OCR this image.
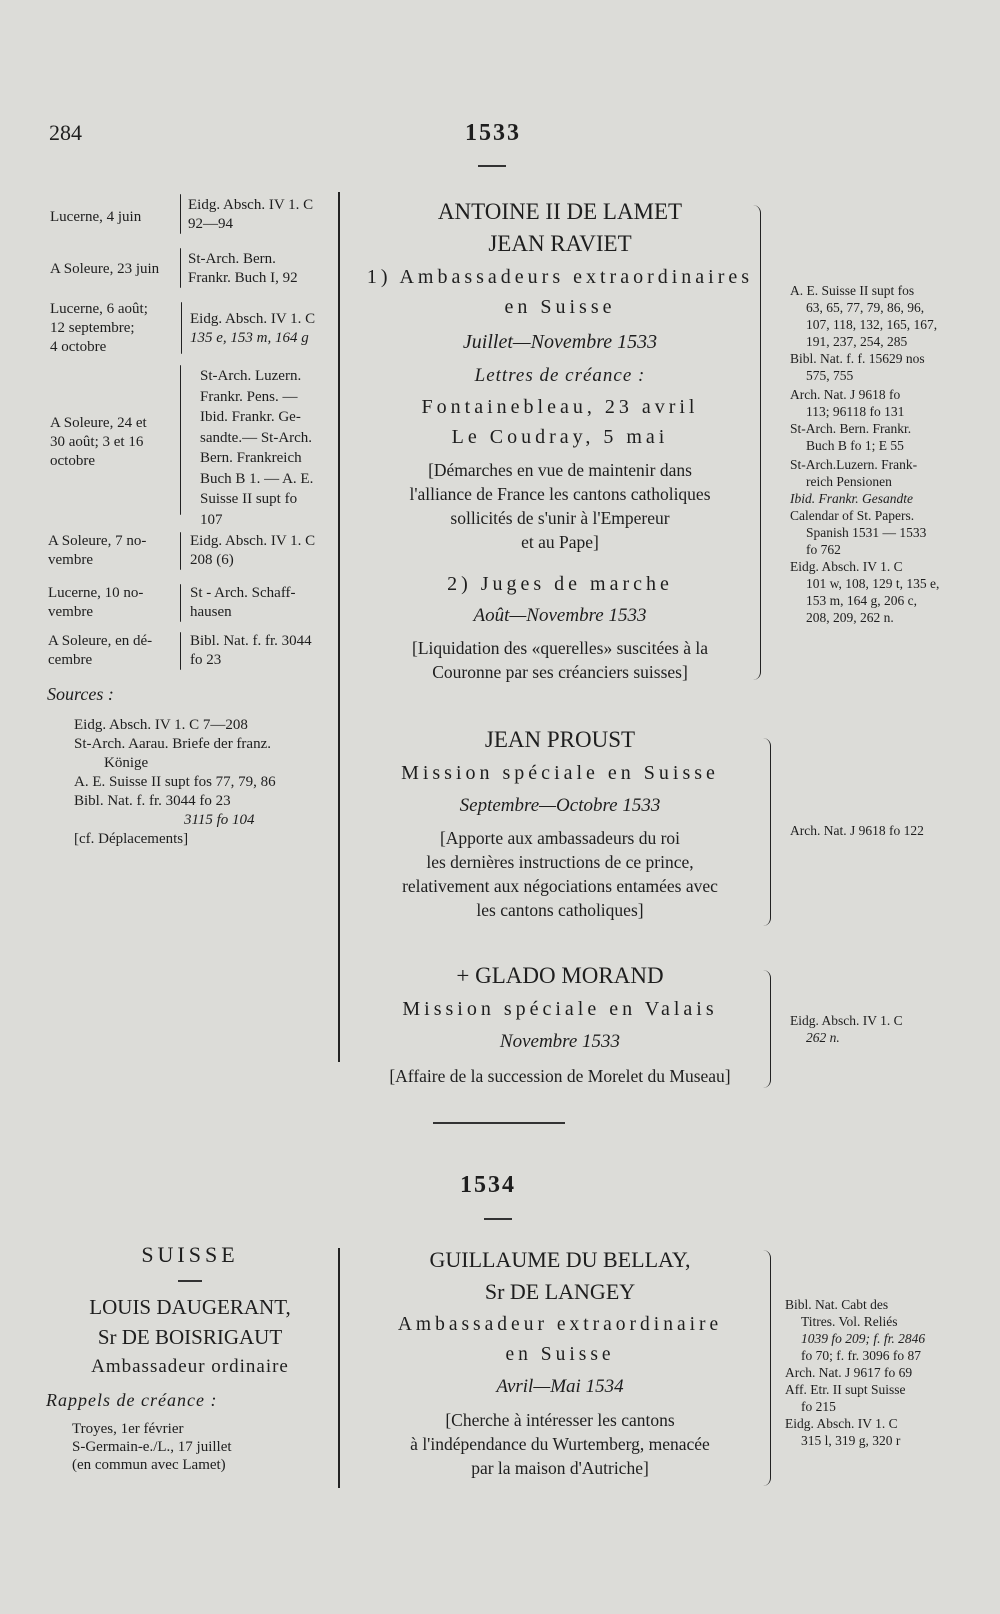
284	1533
Lucerne, 4 juin
Eidg. Absch. IV 1. C
92—94
A Soleure, 23 juin
St-Arch. Bern.
Frankr. Buch I, 92
Lucerne, 6 août;
12 septembre;
4 octobre
Eidg. Absch. IV 1. C
135 e, 153 m, 164 g
A Soleure, 24 et
30 août; 3 et 16
octobre
St-Arch. Luzern.
Frankr. Pens. —
Ibid. Frankr. Ge-
sandte.— St-Arch.
Bern. Frankreich
Buch B 1. — A. E.
Suisse II supt fo
107
A Soleure, 7 no-
vembre
Eidg. Absch. IV 1. C
208 (6)
Lucerne, 10 no-
vembre
St - Arch. Schaff-
hausen
A Soleure, en dé-
cembre
Bibl. Nat. f. fr. 3044
fo 23
Sources :
Eidg. Absch. IV 1. C 7—208
St-Arch. Aarau. Briefe der franz.
Könige
A. E. Suisse II supt fos 77, 79, 86
Bibl. Nat. f. fr. 3044 fo 23
3115 fo 104
[cf. Déplacements]
ANTOINE II DE LAMET
JEAN RAVIET
1) Ambassadeurs extraordinaires
en Suisse
Juillet—Novembre 1533
Lettres de créance :
Fontainebleau, 23 avril
Le Coudray, 5 mai
[Démarches en vue de maintenir dans
l'alliance de France les cantons catholiques
sollicités de s'unir à l'Empereur
et au Pape]
2) Juges de marche
Août—Novembre 1533
[Liquidation des «querelles» suscitées à la
Couronne par ses créanciers suisses]
A. E. Suisse II supt fos
63, 65, 77, 79, 86, 96,
107, 118, 132, 165, 167,
191, 237, 254, 285
Bibl. Nat. f. f. 15629 nos
575, 755
Arch. Nat. J 9618 fo
113; 96118 fo 131
St-Arch. Bern. Frankr.
Buch B fo 1; E 55
St-Arch.Luzern. Frank-
reich Pensionen
Ibid. Frankr. Gesandte
Calendar of St. Papers.
Spanish 1531 — 1533
fo 762
Eidg. Absch. IV 1. C
101 w, 108, 129 t, 135 e,
153 m, 164 g, 206 c,
208, 209, 262 n.
JEAN PROUST
Mission spéciale en Suisse
Septembre—Octobre 1533
[Apporte aux ambassadeurs du roi
les dernières instructions de ce prince,
relativement aux négociations entamées avec
les cantons catholiques]
Arch. Nat. J 9618 fo 122
+ GLADO MORAND
Mission spéciale en Valais
Novembre 1533
[Affaire de la succession de Morelet du Museau]
Eidg. Absch. IV 1. C
262 n.
1534
SUISSE
LOUIS DAUGERANT,
Sr DE BOISRIGAUT
Ambassadeur ordinaire
Rappels de créance :
Troyes, 1er février
S-Germain-e./L., 17 juillet
(en commun avec Lamet)
GUILLAUME DU BELLAY,
Sr DE LANGEY
Ambassadeur extraordinaire
en Suisse
Avril—Mai 1534
[Cherche à intéresser les cantons
à l'indépendance du Wurtemberg, menacée
par la maison d'Autriche]
Bibl. Nat. Cabt des
Titres. Vol. Reliés
1039 fo 209; f. fr. 2846
fo 70; f. fr. 3096 fo 87
Arch. Nat. J 9617 fo 69
Aff. Etr. II supt Suisse
fo 215
Eidg. Absch. IV 1. C
315 l, 319 g, 320 r
